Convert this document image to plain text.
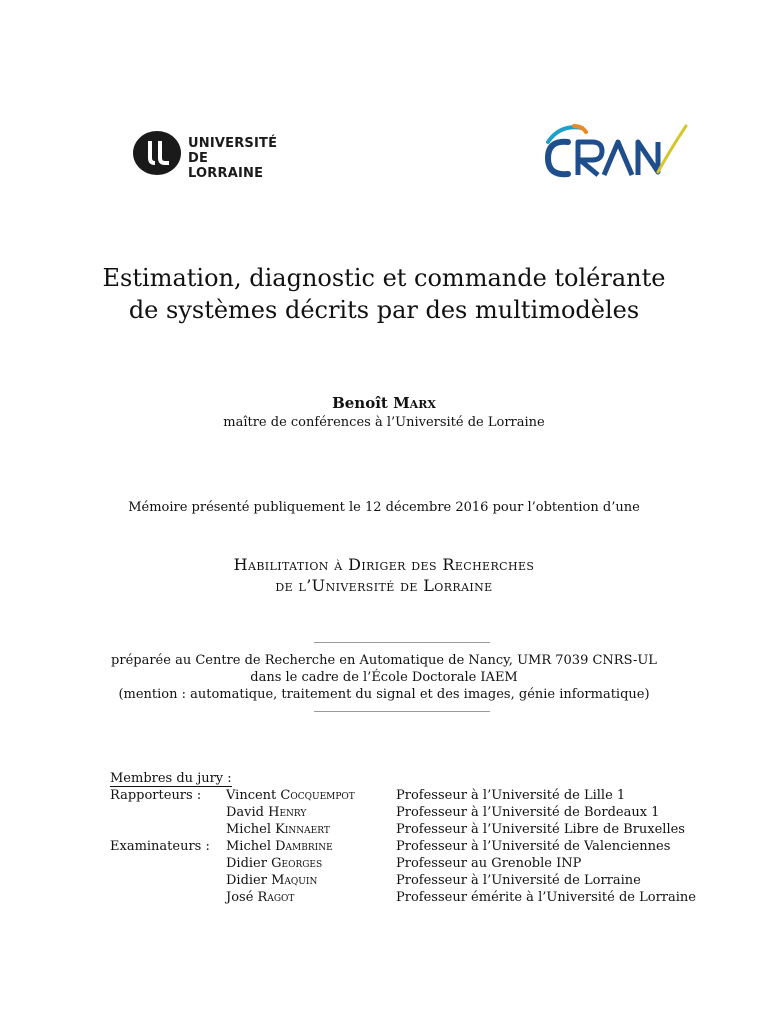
UNIVERSITÉ
DE LORRAINE
Estimation, diagnostic et commande tolérante
de systèmes décrits par des multimodèles
Benoît Marx
maître de conférences à l’Université de Lorraine
Mémoire présenté publiquement le 12 décembre 2016 pour l’obtention d’une
Habilitation à Diriger des Recherches
de l’Université de Lorraine
préparée au Centre de Recherche en Automatique de Nancy, UMR 7039 CNRS-UL
dans le cadre de l’École Doctorale IAEM
(mention : automatique, traitement du signal et des images, génie informatique)
Membres du jury :
Rapporteurs : Vincent Cocquempot	Professeur à l’Université de Lille 1
David Henry	Professeur à l’Université de Bordeaux 1
Michel Kinnaert	Professeur à l’Université Libre de Bruxelles
Examinateurs : Michel Dambrine	Professeur à l’Université de Valenciennes
Didier Georges	Professeur au Grenoble INP
Didier Maquin	Professeur à l’Université de Lorraine
José Ragot	Professeur émérite à l’Université de Lorraine
